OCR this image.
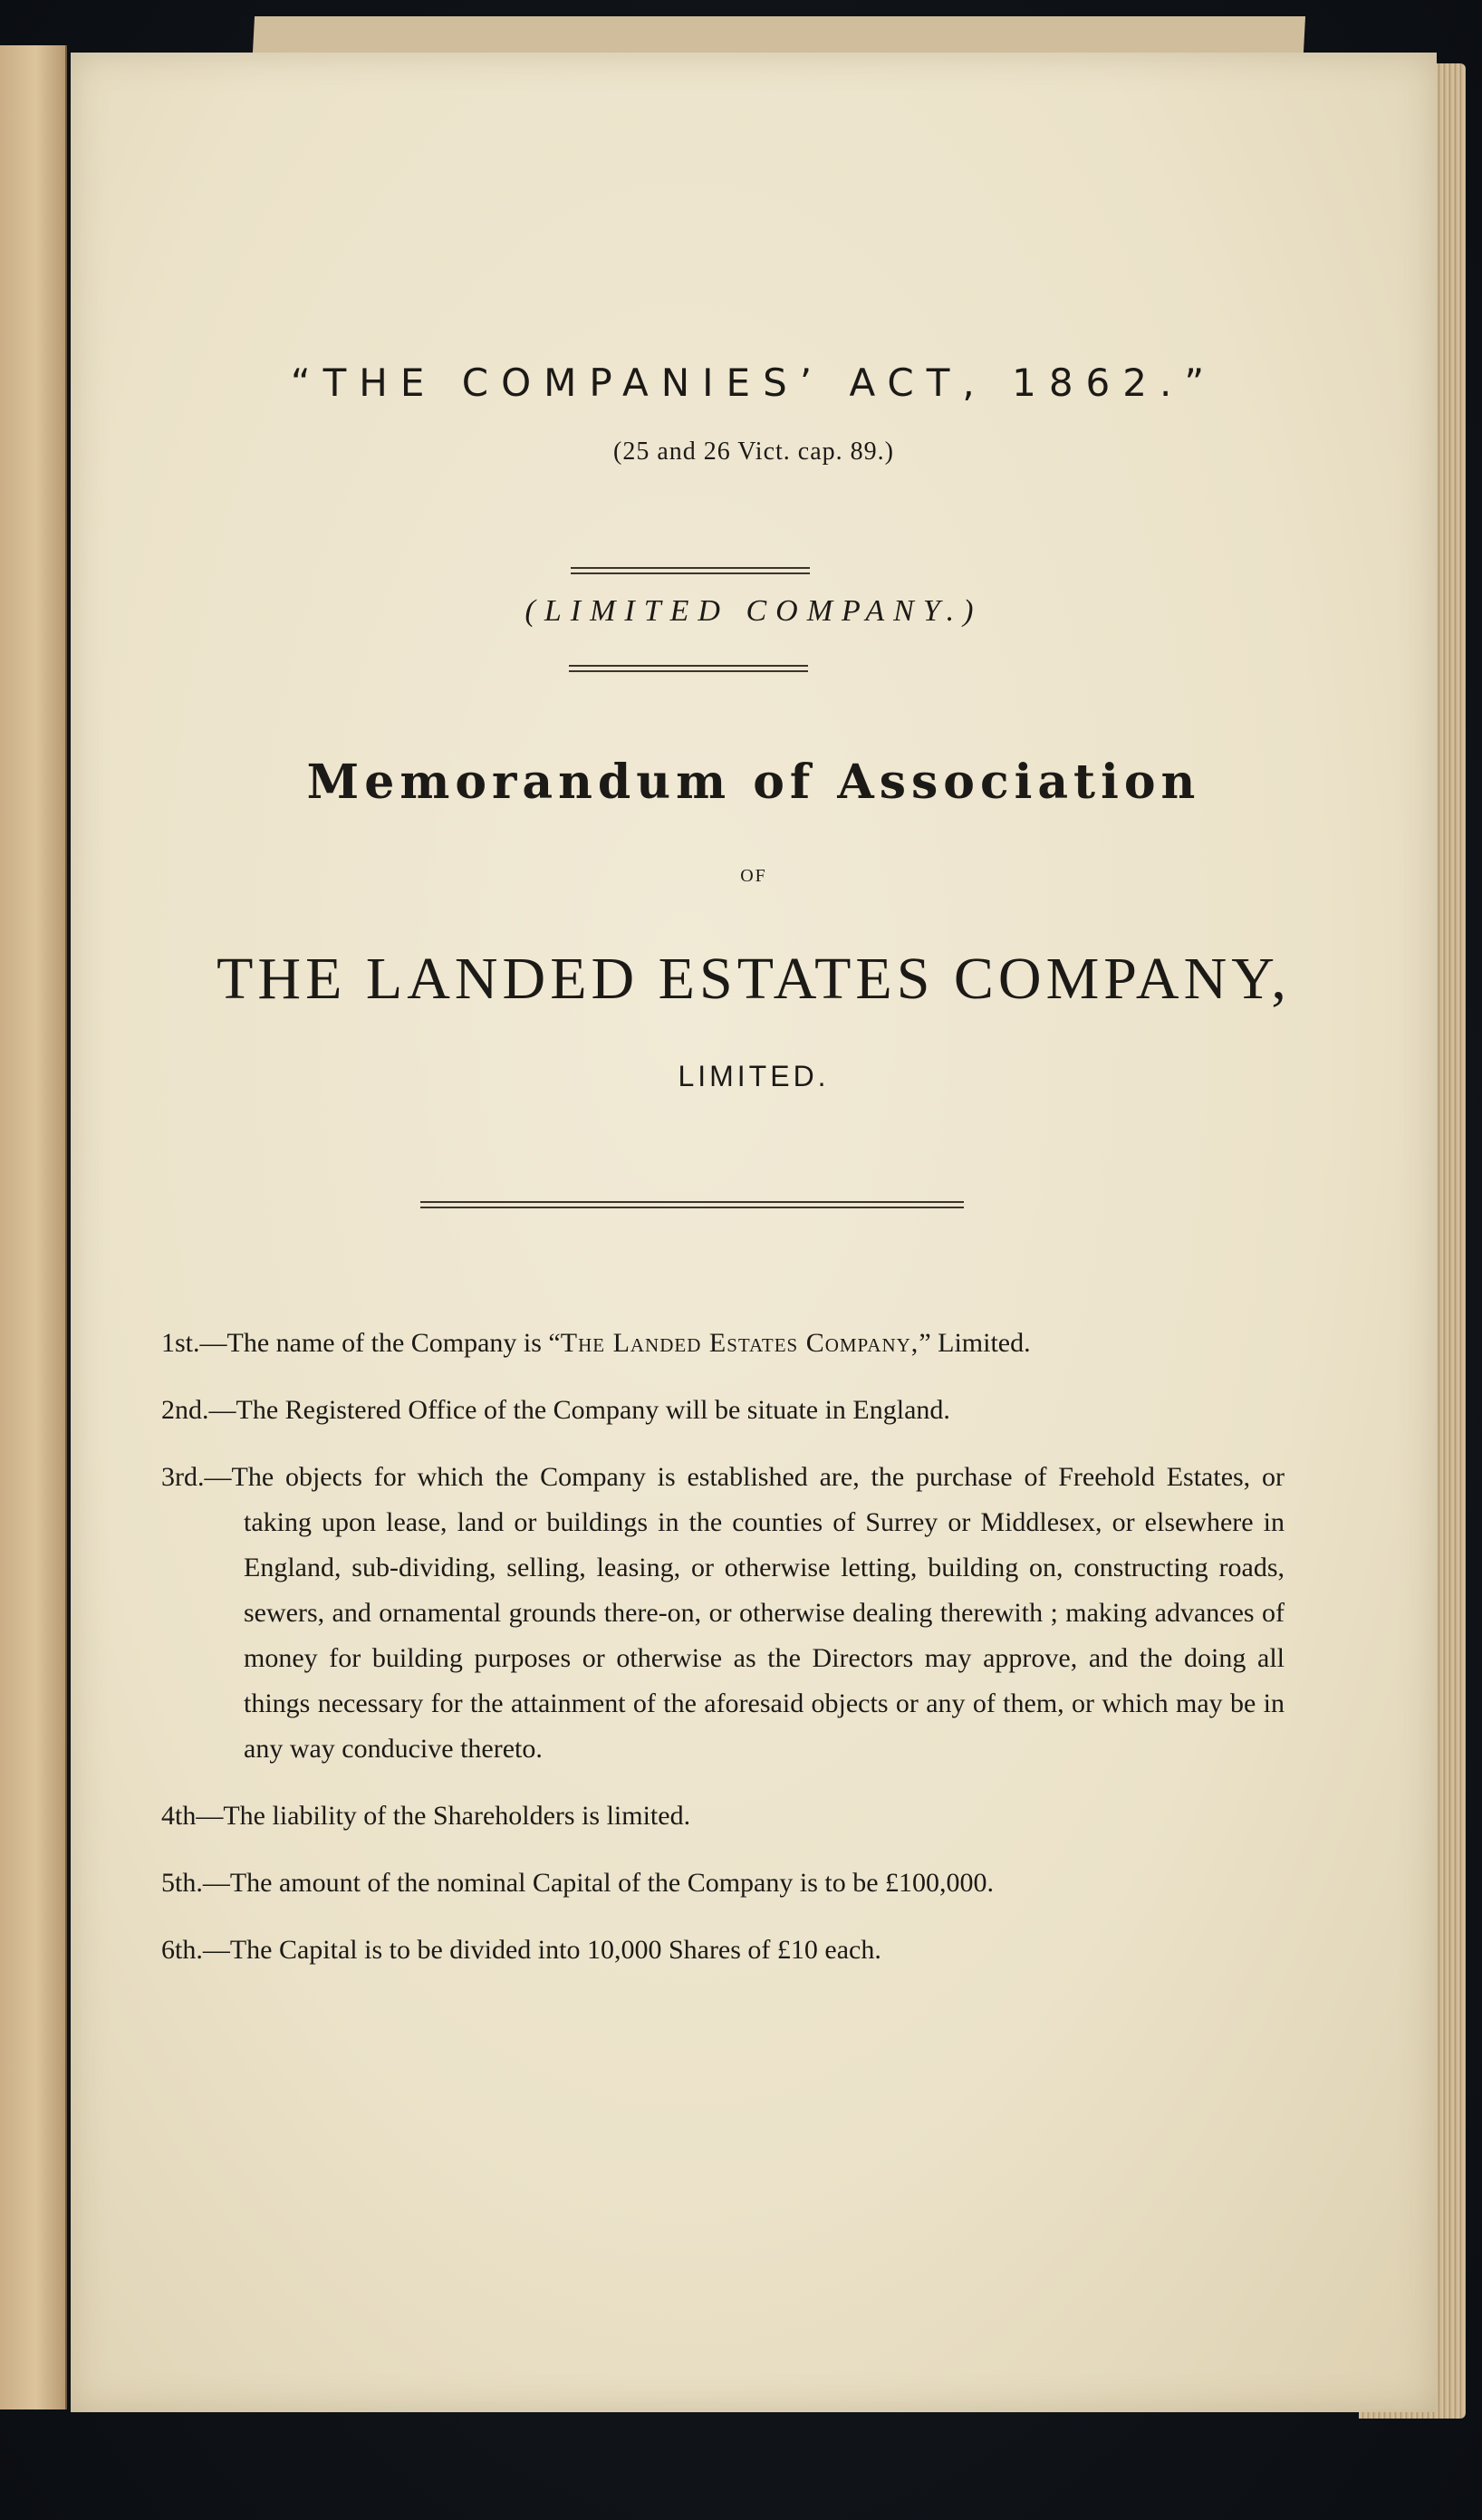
“THE COMPANIES’ ACT, 1862.”
(25 and 26 Vict. cap. 89.)
(LIMITED COMPANY.)
Memorandum of Association
OF
THE LANDED ESTATES COMPANY,
LIMITED.

1st.—The name of the Company is “The Landed Estates Company,” Limited.

2nd.—The Registered Office of the Company will be situate in England.

3rd.—The objects for which the Company is established are, the purchase of Freehold Estates, or taking upon lease, land or buildings in the counties of Surrey or Middlesex, or elsewhere in England, sub-dividing, selling, leasing, or otherwise letting, building on, constructing roads, sewers, and ornamental grounds there-on, or otherwise dealing therewith ; making advances of money for building purposes or otherwise as the Directors may approve, and the doing all things necessary for the attainment of the aforesaid objects or any of them, or which may be in any way conducive thereto.

4th—The liability of the Shareholders is limited.

5th.—The amount of the nominal Capital of the Company is to be £100,000.

6th.—The Capital is to be divided into 10,000 Shares of £10 each.
